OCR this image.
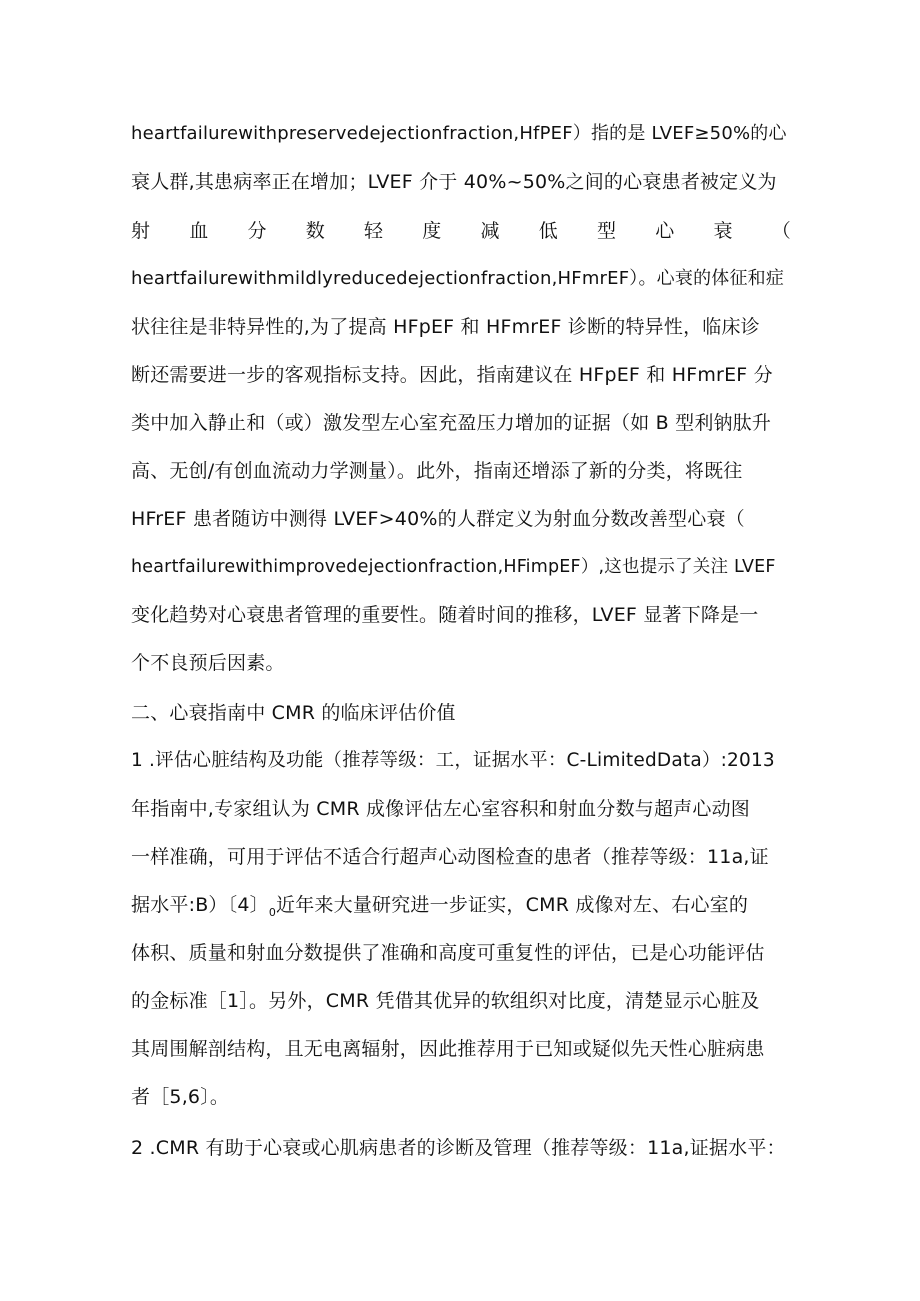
heartfailurewithpreservedejectionfraction,HfPEF）指的是 LVEF≥50%的心
衰人群,其患病率正在增加；LVEF 介于 40%~50%之间的心衰患者被定义为
射 血 分 数 轻 度 减 低 型 心 衰 （
heartfailurewithmildlyreducedejectionfraction,HFmrEF）。心衰的体征和症
状往往是非特异性的,为了提高 HFpEF 和 HFmrEF 诊断的特异性，临床诊
断还需要进一步的客观指标支持。因此，指南建议在 HFpEF 和 HFmrEF 分
类中加入静止和（或）激发型左心室充盈压力增加的证据（如 B 型利钠肽升
高、无创/有创血流动力学测量）。此外，指南还增添了新的分类，将既往
HFrEF 患者随访中测得 LVEF>40%的人群定义为射血分数改善型心衰（
heartfailurewithimprovedejectionfraction,HFimpEF）,这也提示了关注 LVEF
变化趋势对心衰患者管理的重要性。随着时间的推移，LVEF 显著下降是一
个不良预后因素。
二、心衰指南中 CMR 的临床评估价值
1 .评估心脏结构及功能（推荐等级：工，证据水平：C-LimitedData）:2013
年指南中,专家组认为 CMR 成像评估左心室容积和射血分数与超声心动图
一样准确，可用于评估不适合行超声心动图检查的患者（推荐等级：11a,证
据水平:B）〔4〕$_0$近年来大量研究进一步证实，CMR 成像对左、右心室的
体积、质量和射血分数提供了准确和高度可重复性的评估，已是心功能评估
的金标准［1］。另外，CMR 凭借其优异的软组织对比度，清楚显示心脏及
其周围解剖结构，且无电离辐射，因此推荐用于已知或疑似先天性心脏病患
者［5,6〕。
2 .CMR 有助于心衰或心肌病患者的诊断及管理（推荐等级：11a,证据水平：
